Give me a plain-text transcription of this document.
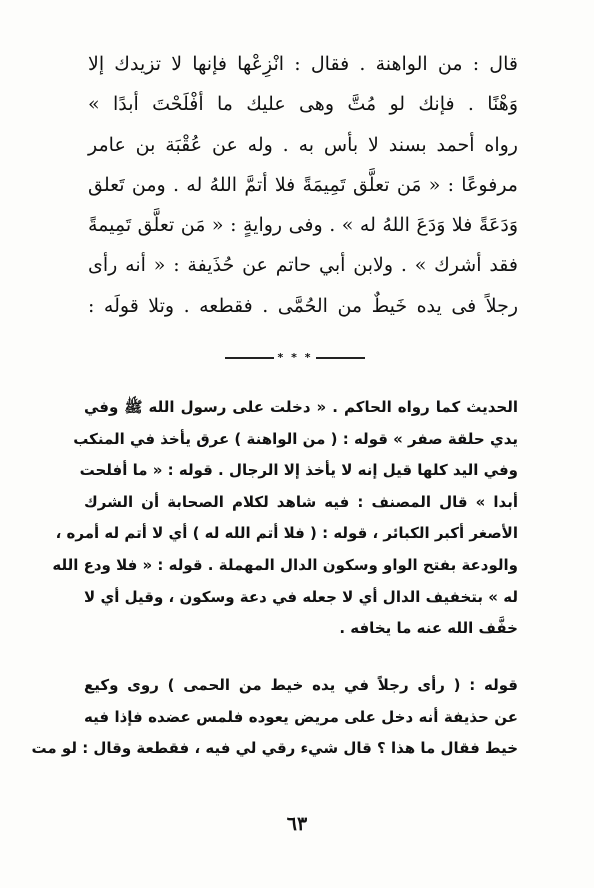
قال : من الواهنة . فقال : انْزِعْها فإنها لا تزيدك إلا
وَهْنًا . فإنك لو مُتَّ وهى عليك ما أفْلَحْتَ أبدًا »
رواه أحمد بسند لا بأس به . وله عن عُقْبَة بن عامر
مرفوعًا : « مَن تعلَّق تَمِيمَةً فلا أتمَّ اللهُ له . ومن تَعلق
وَدَعَةً فلا وَدَعَ اللهُ له » . وفى روايةٍ : « مَن تعلَّق تَمِيمةً
فقد أشرك » . ولابن أبي حاتم عن حُذَيفة : « أنه رأى
رجلاً فى يده خَيطٌ من الحُمَّى . فقطعه . وتلا قولَه :
* * *
الحديث كما رواه الحاكم . « دخلت على رسول الله ﷺ وفي
يدي حلقة صفر » قوله : ( من الواهنة ) عرق يأخذ في المنكب
وفي اليد كلها قيل إنه لا يأخذ إلا الرجال . قوله : « ما أفلحت
أبدا » قال المصنف : فيه شاهد لكلام الصحابة أن الشرك
الأصغر أكبر الكبائر ، قوله : ( فلا أتم الله له ) أي لا أتم له أمره ،
والودعة بفتح الواو وسكون الدال المهملة . قوله : « فلا ودع الله
له » بتخفيف الدال أي لا جعله في دعة وسكون ، وقيل أي لا
خفَّف الله عنه ما يخافه .
قوله : ( رأى رجلاً في يده خيط من الحمى ) روى وكيع
عن حذيفة أنه دخل على مريض يعوده فلمس عضده فإذا فيه
خيط فقال ما هذا ؟ قال شيء رقي لي فيه ، فقطعة وقال : لو مت
٦٣
